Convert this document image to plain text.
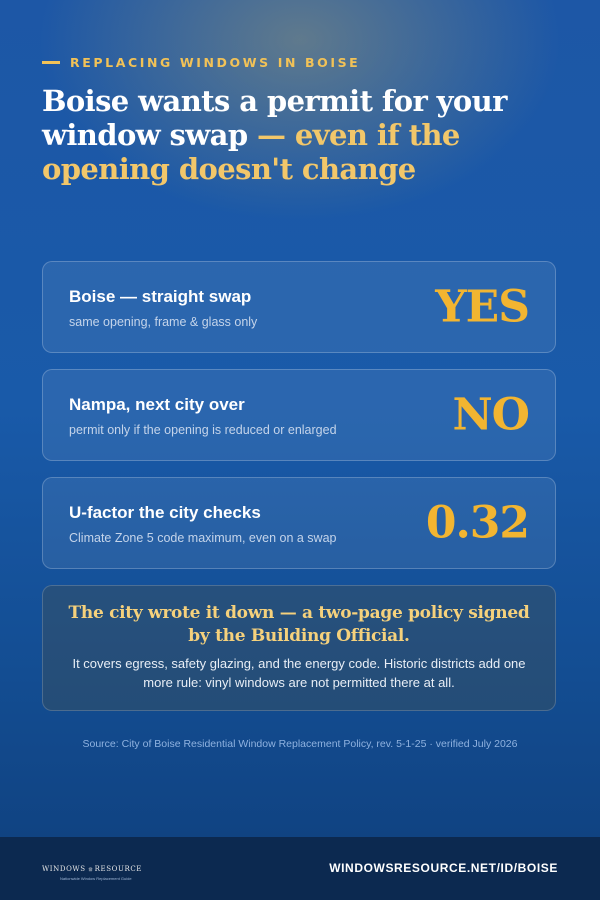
REPLACING WINDOWS IN BOISE
Boise wants a permit for your window swap — even if the opening doesn't change
Boise — straight swap
same opening, frame & glass only	YES
Nampa, next city over
permit only if the opening is reduced or enlarged	NO
U-factor the city checks
Climate Zone 5 code maximum, even on a swap 0.32
The city wrote it down — a two-page policy signed by the Building Official.
It covers egress, safety glazing, and the energy code. Historic districts add one more rule: vinyl windows are not permitted there at all.
Source: City of Boise Residential Window Replacement Policy, rev. 5-1-25 · verified July 2026
WINDOWS RESOURCE
Nationwide Window Replacement Guide
WINDOWSRESOURCE.NET/ID/BOISE
